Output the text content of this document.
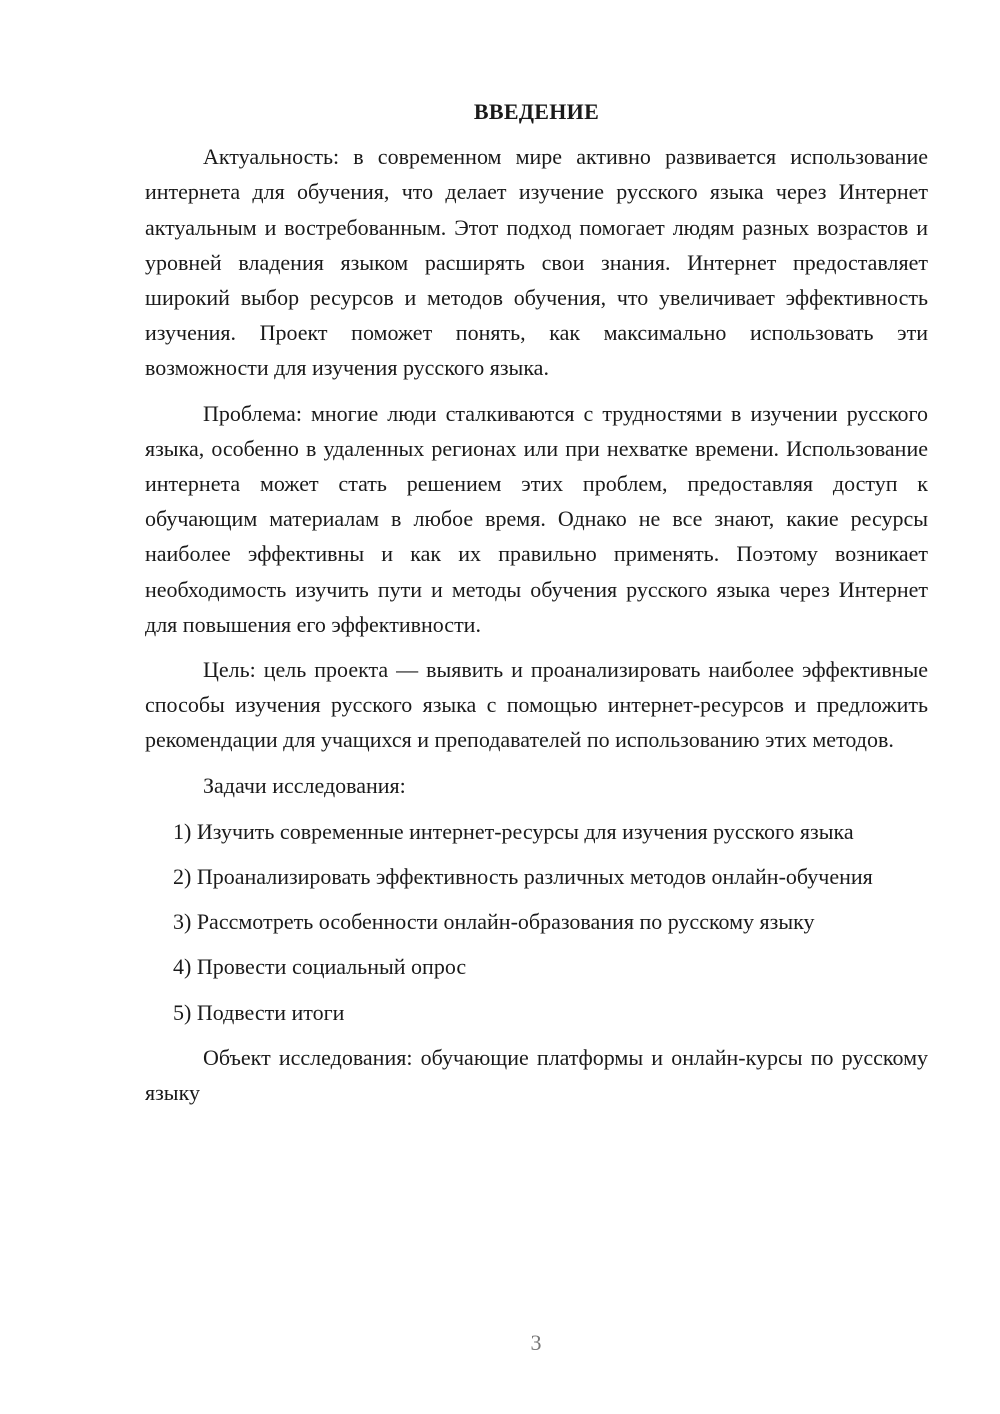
ВВЕДЕНИЕ

Актуальность: в современном мире активно развивается использование интернета для обучения, что делает изучение русского языка через Интернет актуальным и востребованным. Этот подход помогает людям разных возрастов и уровней владения языком расширять свои знания. Интернет предоставляет широкий выбор ресурсов и методов обучения, что увеличивает эффективность изучения. Проект поможет понять, как максимально использовать эти возможности для изучения русского языка.

Проблема: многие люди сталкиваются с трудностями в изучении русского языка, особенно в удаленных регионах или при нехватке времени. Использование интернета может стать решением этих проблем, предоставляя доступ к обучающим материалам в любое время. Однако не все знают, какие ресурсы наиболее эффективны и как их правильно применять. Поэтому возникает необходимость изучить пути и методы обучения русского языка через Интернет для повышения его эффективности.

Цель: цель проекта — выявить и проанализировать наиболее эффективные способы изучения русского языка с помощью интернет-ресурсов и предложить рекомендации для учащихся и преподавателей по использованию этих методов.

Задачи исследования:

1) Изучить современные интернет-ресурсы для изучения русского языка

2) Проанализировать эффективность различных методов онлайн-обучения

3) Рассмотреть особенности онлайн-образования по русскому языку

4) Провести социальный опрос

5) Подвести итоги

Объект исследования: обучающие платформы и онлайн-курсы по русскому языку

3
